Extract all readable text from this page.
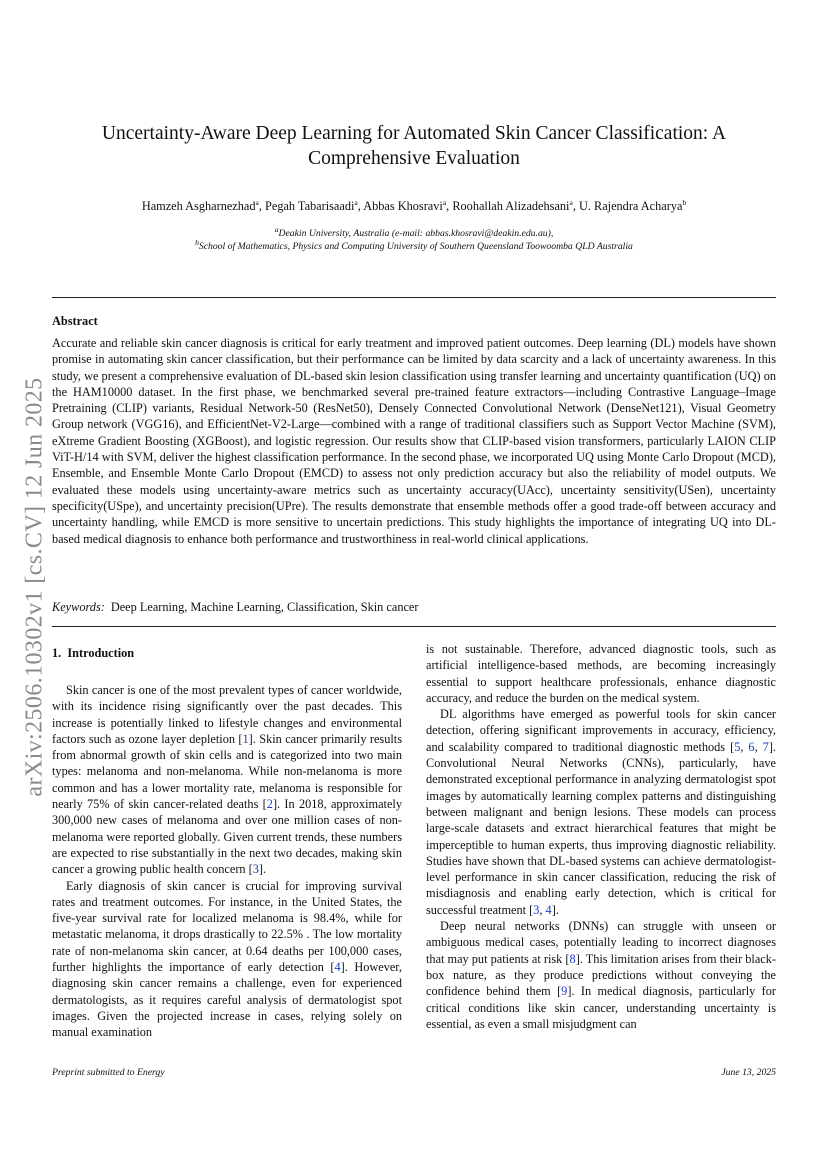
arXiv:2506.10302v1 [cs.CV] 12 Jun 2025
Uncertainty-Aware Deep Learning for Automated Skin Cancer Classification: A Comprehensive Evaluation
Hamzeh Asgharnezhad$^a$, Pegah Tabarisaadi$^a$, Abbas Khosravi$^a$, Roohallah Alizadehsani$^a$, U. Rajendra Acharya$^b$
$^a$Deakin University, Australia (e-mail: abbas.khosravi@deakin.edu.au),
$^b$School of Mathematics, Physics and Computing University of Southern Queensland Toowoomba QLD Australia
Abstract
Accurate and reliable skin cancer diagnosis is critical for early treatment and improved patient outcomes. Deep learning (DL) models have shown promise in automating skin cancer classification, but their performance can be limited by data scarcity and a lack of uncertainty awareness. In this study, we present a comprehensive evaluation of DL-based skin lesion classification using transfer learning and uncertainty quantification (UQ) on the HAM10000 dataset. In the first phase, we benchmarked several pre-trained feature extractors—including Contrastive Language–Image Pretraining (CLIP) variants, Residual Network-50 (ResNet50), Densely Connected Convolutional Network (DenseNet121), Visual Geometry Group network (VGG16), and EfficientNet-V2-Large—combined with a range of traditional classifiers such as Support Vector Machine (SVM), eXtreme Gradient Boosting (XGBoost), and logistic regression. Our results show that CLIP-based vision transformers, particularly LAION CLIP ViT-H/14 with SVM, deliver the highest classification performance. In the second phase, we incorporated UQ using Monte Carlo Dropout (MCD), Ensemble, and Ensemble Monte Carlo Dropout (EMCD) to assess not only prediction accuracy but also the reliability of model outputs. We evaluated these models using uncertainty-aware metrics such as uncertainty accuracy(UAcc), uncertainty sensitivity(USen), uncertainty specificity(USpe), and uncertainty precision(UPre). The results demonstrate that ensemble methods offer a good trade-off between accuracy and uncertainty handling, while EMCD is more sensitive to uncertain predictions. This study highlights the importance of integrating UQ into DL-based medical diagnosis to enhance both performance and trustworthiness in real-world clinical applications.
Keywords: Deep Learning, Machine Learning, Classification, Skin cancer
1. Introduction

Skin cancer is one of the most prevalent types of cancer worldwide, with its incidence rising significantly over the past decades. This increase is potentially linked to lifestyle changes and environmental factors such as ozone layer depletion [1]. Skin cancer primarily results from abnormal growth of skin cells and is categorized into two main types: melanoma and non-melanoma. While non-melanoma is more common and has a lower mortality rate, melanoma is responsible for nearly 75% of skin cancer-related deaths [2]. In 2018, approximately 300,000 new cases of melanoma and over one million cases of non-melanoma were reported globally. Given current trends, these numbers are expected to rise substantially in the next two decades, making skin cancer a growing public health concern [3].

Early diagnosis of skin cancer is crucial for improving survival rates and treatment outcomes. For instance, in the United States, the five-year survival rate for localized melanoma is 98.4%, while for metastatic melanoma, it drops drastically to 22.5% . The low mortality rate of non-melanoma skin cancer, at 0.64 deaths per 100,000 cases, further highlights the importance of early detection [4]. However, diagnosing skin cancer remains a challenge, even for experienced dermatologists, as it requires careful analysis of dermatologist spot images. Given the projected increase in cases, relying solely on manual examination

is not sustainable. Therefore, advanced diagnostic tools, such as artificial intelligence-based methods, are becoming increasingly essential to support healthcare professionals, enhance diagnostic accuracy, and reduce the burden on the medical system.

DL algorithms have emerged as powerful tools for skin cancer detection, offering significant improvements in accuracy, efficiency, and scalability compared to traditional diagnostic methods [5, 6, 7]. Convolutional Neural Networks (CNNs), particularly, have demonstrated exceptional performance in analyzing dermatologist spot images by automatically learning complex patterns and distinguishing between malignant and benign lesions. These models can process large-scale datasets and extract hierarchical features that might be imperceptible to human experts, thus improving diagnostic reliability. Studies have shown that DL-based systems can achieve dermatologist-level performance in skin cancer classification, reducing the risk of misdiagnosis and enabling early detection, which is critical for successful treatment [3, 4].

Deep neural networks (DNNs) can struggle with unseen or ambiguous medical cases, potentially leading to incorrect diagnoses that may put patients at risk [8]. This limitation arises from their black-box nature, as they produce predictions without conveying the confidence behind them [9]. In medical diagnosis, particularly for critical conditions like skin cancer, understanding uncertainty is essential, as even a small misjudgment can

Preprint submitted to Energy	June 13, 2025
